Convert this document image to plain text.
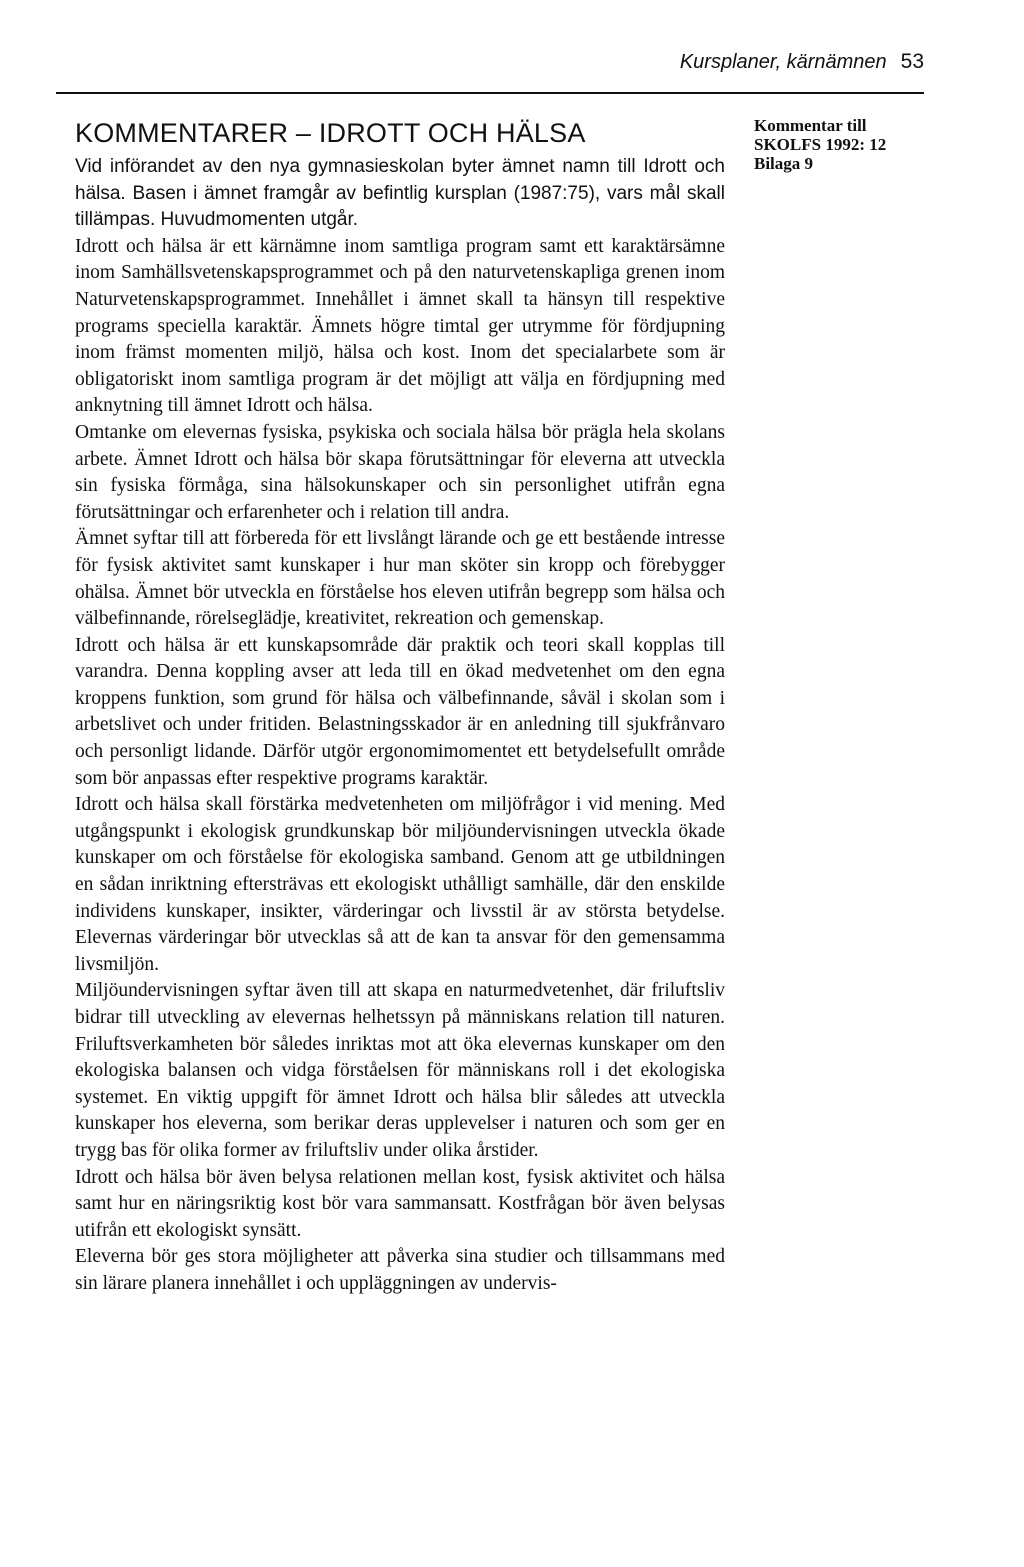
Kursplaner, kärnämnen 53
Kommentar till
SKOLFS 1992: 12
Bilaga 9
KOMMENTARER – IDROTT OCH HÄLSA

Vid införandet av den nya gymnasieskolan byter ämnet namn till Idrott och hälsa. Basen i ämnet framgår av befintlig kursplan (1987:75), vars mål skall tillämpas. Huvudmomenten utgår.

Idrott och hälsa är ett kärnämne inom samtliga program samt ett karaktärsämne inom Samhällsvetenskapsprogrammet och på den naturvetenskapliga grenen inom Naturvetenskapsprogrammet. Innehållet i ämnet skall ta hänsyn till respektive programs speciella karaktär. Ämnets högre timtal ger utrymme för fördjupning inom främst momenten miljö, hälsa och kost. Inom det specialarbete som är obligatoriskt inom samtliga program är det möjligt att välja en fördjupning med anknytning till ämnet Idrott och hälsa.

Omtanke om elevernas fysiska, psykiska och sociala hälsa bör prägla hela skolans arbete. Ämnet Idrott och hälsa bör skapa förutsättningar för eleverna att utveckla sin fysiska förmåga, sina hälsokunskaper och sin personlighet utifrån egna förutsättningar och erfarenheter och i relation till andra.

Ämnet syftar till att förbereda för ett livslångt lärande och ge ett bestående intresse för fysisk aktivitet samt kunskaper i hur man sköter sin kropp och förebygger ohälsa. Ämnet bör utveckla en förståelse hos eleven utifrån begrepp som hälsa och välbefinnande, rörelseglädje, kreativitet, rekreation och gemenskap.

Idrott och hälsa är ett kunskapsområde där praktik och teori skall kopplas till varandra. Denna koppling avser att leda till en ökad medvetenhet om den egna kroppens funktion, som grund för hälsa och välbefinnande, såväl i skolan som i arbetslivet och under fritiden. Belastningsskador är en anledning till sjukfrånvaro och personligt lidande. Därför utgör ergonomimomentet ett betydelsefullt område som bör anpassas efter respektive programs karaktär.

Idrott och hälsa skall förstärka medvetenheten om miljöfrågor i vid mening. Med utgångspunkt i ekologisk grundkunskap bör miljöundervisningen utveckla ökade kunskaper om och förståelse för ekologiska samband. Genom att ge utbildningen en sådan inriktning eftersträvas ett ekologiskt uthålligt samhälle, där den enskilde individens kunskaper, insikter, värderingar och livsstil är av största betydelse. Elevernas värderingar bör utvecklas så att de kan ta ansvar för den gemensamma livsmiljön.

Miljöundervisningen syftar även till att skapa en naturmedvetenhet, där friluftsliv bidrar till utveckling av elevernas helhetssyn på människans relation till naturen. Friluftsverkamheten bör således inriktas mot att öka elevernas kunskaper om den ekologiska balansen och vidga förståelsen för människans roll i det ekologiska systemet. En viktig uppgift för ämnet Idrott och hälsa blir således att utveckla kunskaper hos eleverna, som berikar deras upplevelser i naturen och som ger en trygg bas för olika former av friluftsliv under olika årstider.

Idrott och hälsa bör även belysa relationen mellan kost, fysisk aktivitet och hälsa samt hur en näringsriktig kost bör vara sammansatt. Kostfrågan bör även belysas utifrån ett ekologiskt synsätt.

Eleverna bör ges stora möjligheter att påverka sina studier och tillsammans med sin lärare planera innehållet i och uppläggningen av undervis-
